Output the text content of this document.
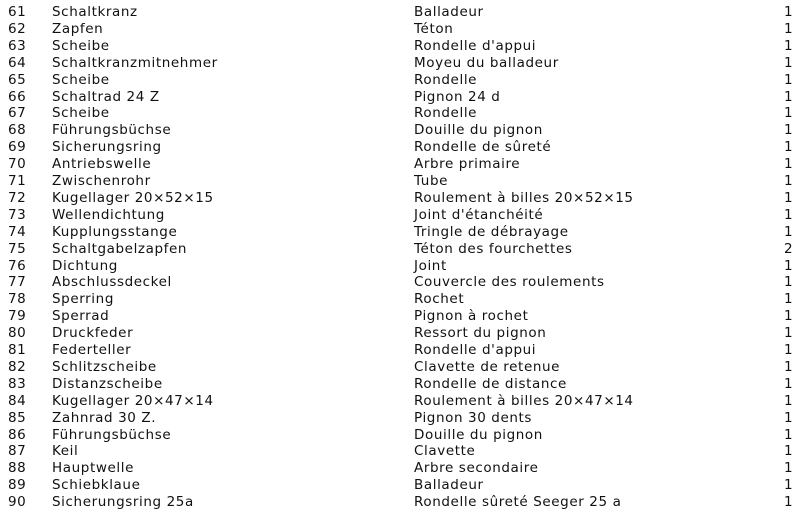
61	Schaltkranz	Balladeur	1
62	Zapfen	Téton	1
63	Scheibe	Rondelle d'appui	1
64	Schaltkranzmitnehmer	Moyeu du balladeur	1
65	Scheibe	Rondelle	1
66	Schaltrad 24 Z	Pignon 24 d	1
67	Scheibe	Rondelle	1
68	Führungsbüchse	Douille du pignon	1
69	Sicherungsring	Rondelle de sûreté	1
70	Antriebswelle	Arbre primaire	1
71	Zwischenrohr	Tube	1
72	Kugellager 20×52×15	Roulement à billes 20×52×15	1
73	Wellendichtung	Joint d'étanchéité	1
74	Kupplungsstange	Tringle de débrayage	1
75	Schaltgabelzapfen	Téton des fourchettes	2
76	Dichtung	Joint	1
77	Abschlussdeckel	Couvercle des roulements	1
78	Sperring	Rochet	1
79	Sperrad	Pignon à rochet	1
80	Druckfeder	Ressort du pignon	1
81	Federteller	Rondelle d'appui	1
82	Schlitzscheibe	Clavette de retenue	1
83	Distanzscheibe	Rondelle de distance	1
84	Kugellager 20×47×14	Roulement à billes 20×47×14	1
85	Zahnrad 30 Z.	Pignon 30 dents	1
86	Führungsbüchse	Douille du pignon	1
87	Keil	Clavette	1
88	Hauptwelle	Arbre secondaire	1
89	Schiebklaue	Balladeur	1
90	Sicherungsring 25a	Rondelle sûreté Seeger 25 a	1
